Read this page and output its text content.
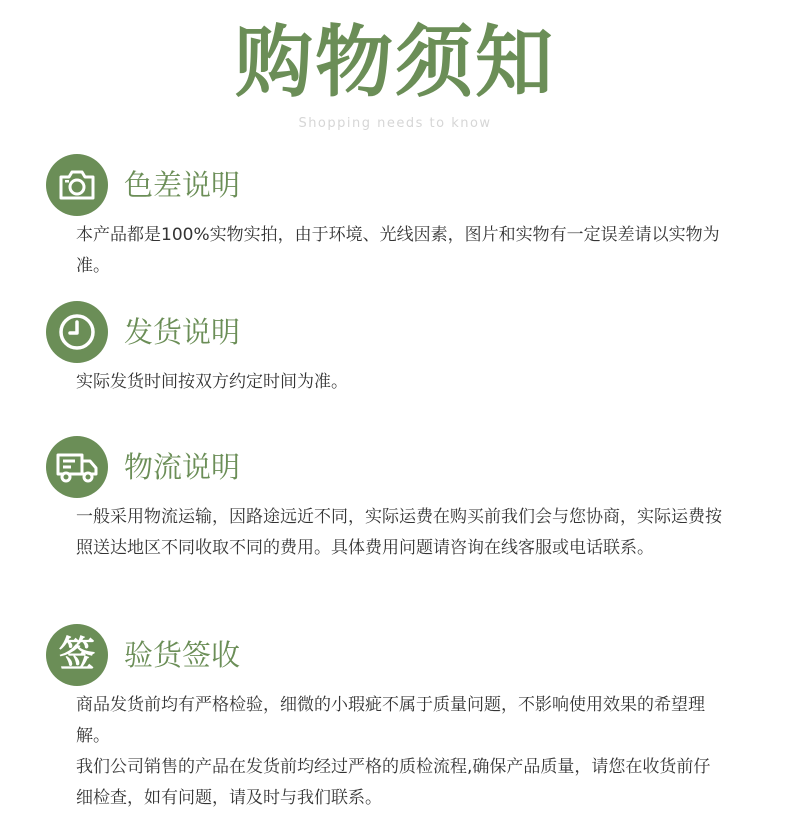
购物须知
Shopping needs to know
色差说明

本产品都是100%实物实拍，由于环境、光线因素，图片和实物有一定误差请以实物为准。

发货说明

实际发货时间按双方约定时间为准。

物流说明

一般采用物流运输，因路途远近不同，实际运费在购买前我们会与您协商，实际运费按照送达地区不同收取不同的费用。具体费用问题请咨询在线客服或电话联系。

签 验货签收

商品发货前均有严格检验，细微的小瑕疵不属于质量问题，不影响使用效果的希望理解。

我们公司销售的产品在发货前均经过严格的质检流程,确保产品质量，请您在收货前仔细检查，如有问题，请及时与我们联系。
